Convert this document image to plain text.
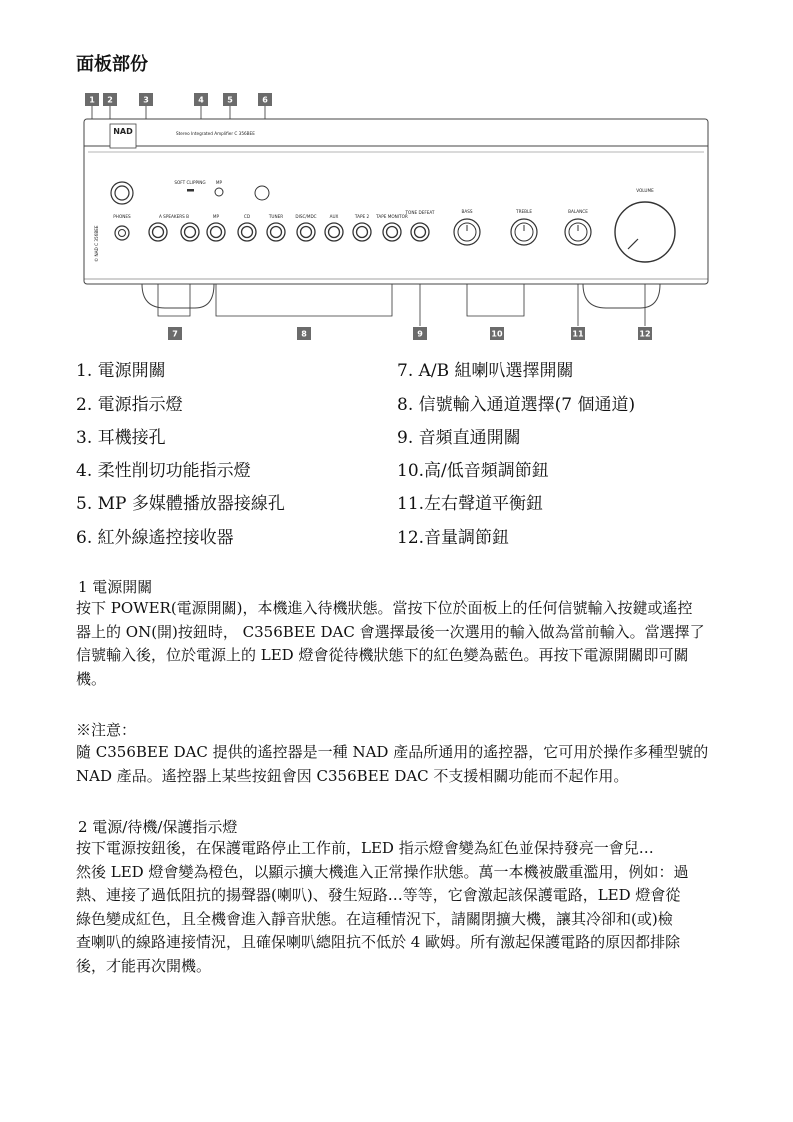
面板部份
NAD	Stereo Integrated Amplifier C 356BEE
SOFT CLIPPING MP
PHONES	A SPEAKERS B	MP	CD	TUNER	DISC/MDC	AUX	TAPE 2 TAPE MONITOR
TONE DEFEAT	BASS	TREBLE	BALANCE
VOLUME
© NAD C 356BEE
1 2	3	4	5	6
7	8	9	10	11	12
1. 電源開關
2. 電源指示燈
3. 耳機接孔
4. 柔性削切功能指示燈
5. MP 多媒體播放器接線孔
6. 紅外線遙控接收器
7. A/B 組喇叭選擇開關
8. 信號輸入通道選擇(7 個通道)
9. 音頻直通開關
10.高/低音頻調節鈕
11.左右聲道平衡鈕
12.音量調節鈕
1 電源開關
按下 POWER(電源開關)，本機進入待機狀態。當按下位於面板上的任何信號輸入按鍵或遙控
器上的 ON(開)按鈕時， C356BEE DAC 會選擇最後一次選用的輸入做為當前輸入。當選擇了
信號輸入後，位於電源上的 LED 燈會從待機狀態下的紅色變為藍色。再按下電源開關即可關
機。
※注意：
隨 C356BEE DAC 提供的遙控器是一種 NAD 產品所通用的遙控器，它可用於操作多種型號的
NAD 產品。遙控器上某些按鈕會因 C356BEE DAC 不支援相關功能而不起作用。
2 電源/待機/保護指示燈
按下電源按鈕後，在保護電路停止工作前，LED 指示燈會變為紅色並保持發亮一會兒…
然後 LED 燈會變為橙色，以顯示擴大機進入正常操作狀態。萬一本機被嚴重濫用，例如：過
熱、連接了過低阻抗的揚聲器(喇叭)、發生短路…等等，它會激起該保護電路，LED 燈會從
綠色變成紅色，且全機會進入靜音狀態。在這種情況下，請關閉擴大機，讓其冷卻和(或)檢
查喇叭的線路連接情況，且確保喇叭總阻抗不低於 4 歐姆。所有激起保護電路的原因都排除
後，才能再次開機。
